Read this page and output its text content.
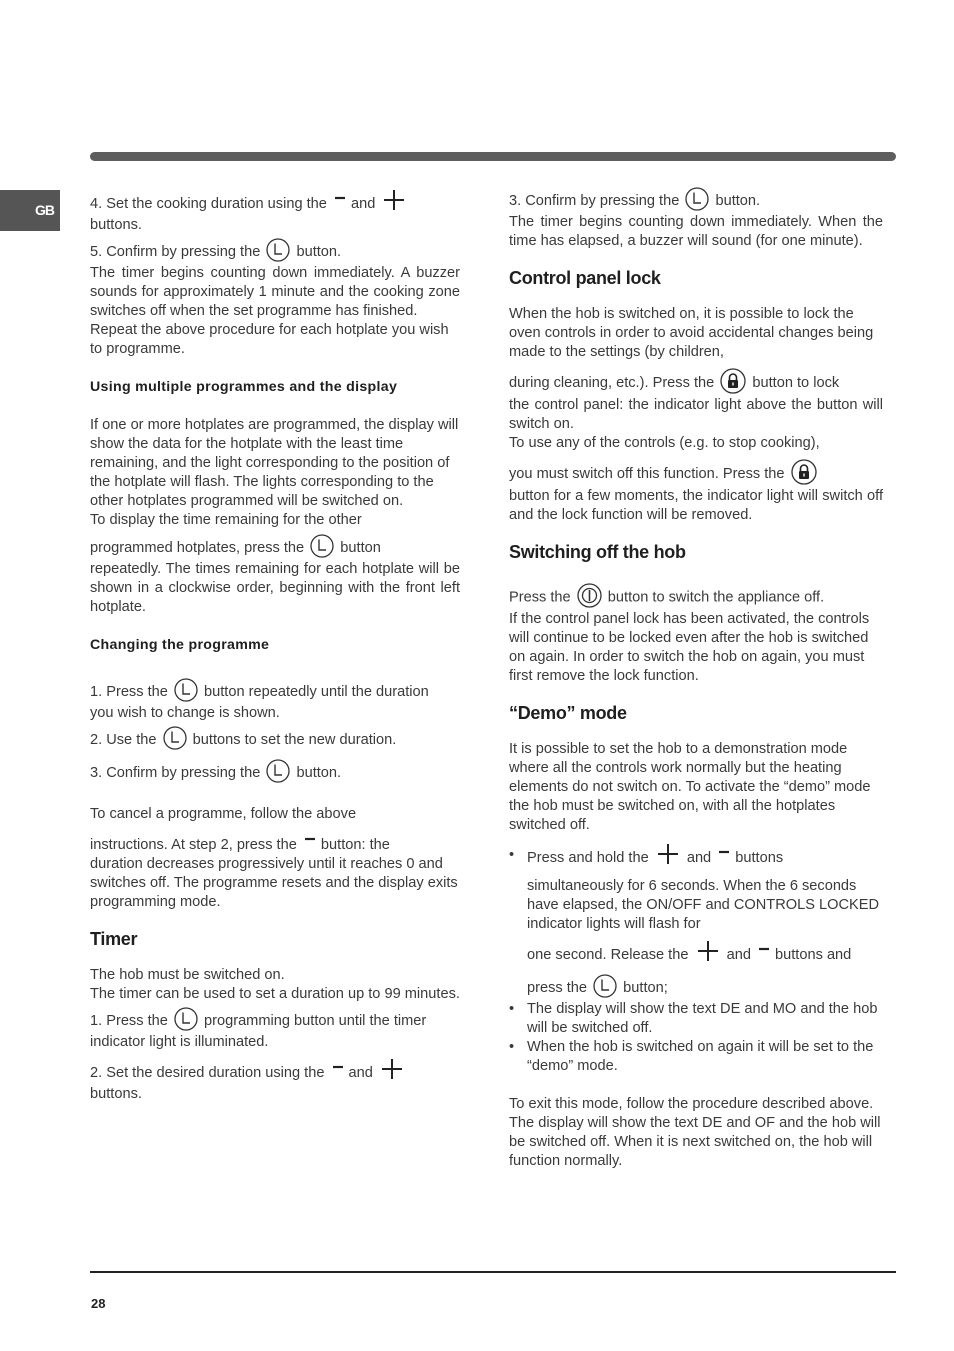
GB	4. Set the cooking duration using the and

buttons.

5. Confirm by pressing the button.

The timer begins counting down immediately. A buzzer sounds for approximately 1 minute and the cooking zone switches off when the set programme has finished.

Repeat the above procedure for each hotplate you wish to programme.

Using multiple programmes and the display

If one or more hotplates are programmed, the display will show the data for the hotplate with the least time remaining, and the light corresponding to the position of the hotplate will flash. The lights corresponding to the other hotplates programmed will be switched on.

To display the time remaining for the other

programmed hotplates, press the button

repeatedly. The times remaining for each hotplate will be shown in a clockwise order, beginning with the front left hotplate.

Changing the programme

1. Press the button repeatedly until the duration
you wish to change is shown.

2. Use the buttons to set the new duration.

3. Confirm by pressing the button.

To cancel a programme, follow the above

instructions. At step 2, press the button: the

duration decreases progressively until it reaches 0 and switches off. The programme resets and the display exits programming mode.

Timer

The hob must be switched on.

The timer can be used to set a duration up to 99 minutes.

1. Press the programming button until the timer
indicator light is illuminated.

2. Set the desired duration using the and

buttons.

3. Confirm by pressing the button.

The timer begins counting down immediately. When the time has elapsed, a buzzer will sound (for one minute).

Control panel lock

When the hob is switched on, it is possible to lock the oven controls in order to avoid accidental changes being made to the settings (by children,

during cleaning, etc.). Press the	button to lock

the control panel: the indicator light above the button will switch on.

To use any of the controls (e.g. to stop cooking),

you must switch off this function. Press the

button for a few moments, the indicator light will switch off and the lock function will be removed.

Switching off the hob

Press the	button to switch the appliance off.

If the control panel lock has been activated, the controls will continue to be locked even after the hob is switched on again. In order to switch the hob on again, you must first remove the lock function.

“Demo” mode

It is possible to set the hob to a demonstration mode where all the controls work normally but the heating elements do not switch on. To activate the “demo” mode the hob must be switched on, with all the hotplates switched off.

• Press and hold the	and buttons
simultaneously for 6 seconds. When the 6 seconds have elapsed, the ON/OFF and CONTROLS LOCKED indicator lights will flash for
one second. Release the	and buttons and
press the button;
• The display will show the text DE and MO and the hob will be switched off.
• When the hob is switched on again it will be set to the “demo” mode.

To exit this mode, follow the procedure described above. The display will show the text DE and OF and the hob will be switched off. When it is next switched on, the hob will function normally.

28
